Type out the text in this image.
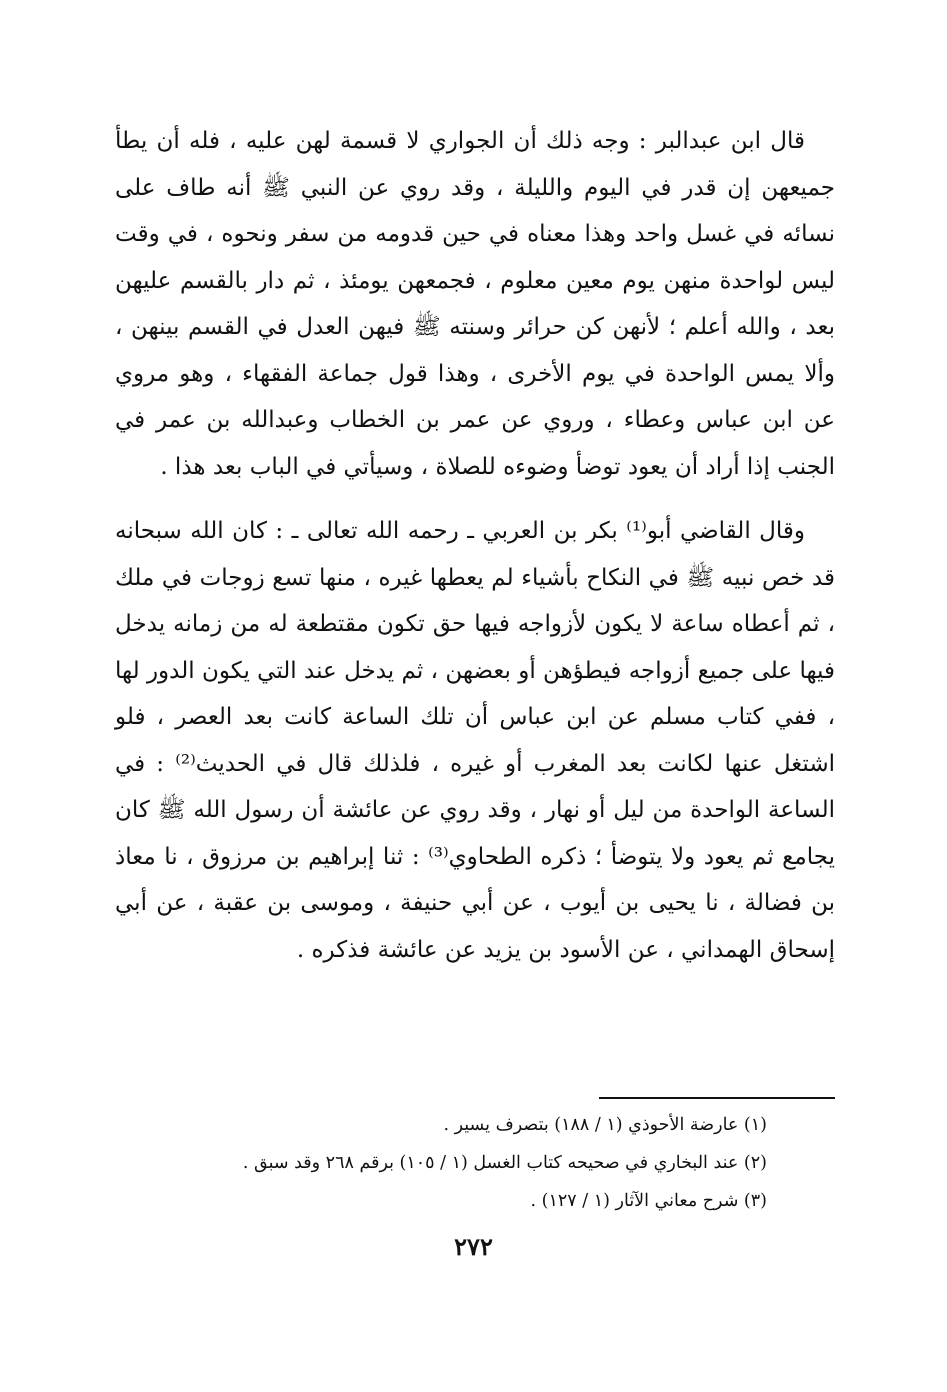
قال ابن عبدالبر : وجه ذلك أن الجواري لا قسمة لهن عليه ، فله أن يطأ جميعهن إن قدر في اليوم والليلة ، وقد روي عن النبي ﷺ أنه طاف على نسائه في غسل واحد وهذا معناه في حين قدومه من سفر ونحوه ، في وقت ليس لواحدة منهن يوم معين معلوم ، فجمعهن يومئذ ، ثم دار بالقسم عليهن بعد ، والله أعلم ؛ لأنهن كن حرائر وسنته ﷺ فيهن العدل في القسم بينهن ، وألا يمس الواحدة في يوم الأخرى ، وهذا قول جماعة الفقهاء ، وهو مروي عن ابن عباس وعطاء ، وروي عن عمر بن الخطاب وعبدالله بن عمر في الجنب إذا أراد أن يعود توضأ وضوءه للصلاة ، وسيأتي في الباب بعد هذا .

وقال القاضي أبو⁽¹⁾ بكر بن العربي ـ رحمه الله تعالى ـ : كان الله سبحانه قد خص نبيه ﷺ في النكاح بأشياء لم يعطها غيره ، منها تسع زوجات في ملك ، ثم أعطاه ساعة لا يكون لأزواجه فيها حق تكون مقتطعة له من زمانه يدخل فيها على جميع أزواجه فيطؤهن أو بعضهن ، ثم يدخل عند التي يكون الدور لها ، ففي كتاب مسلم عن ابن عباس أن تلك الساعة كانت بعد العصر ، فلو اشتغل عنها لكانت بعد المغرب أو غيره ، فلذلك قال في الحديث⁽²⁾ : في الساعة الواحدة من ليل أو نهار ، وقد روي عن عائشة أن رسول الله ﷺ كان يجامع ثم يعود ولا يتوضأ ؛ ذكره الطحاوي⁽³⁾ : ثنا إبراهيم بن مرزوق ، نا معاذ بن فضالة ، نا يحيى بن أيوب ، عن أبي حنيفة ، وموسى بن عقبة ، عن أبي إسحاق الهمداني ، عن الأسود بن يزيد عن عائشة فذكره .

(١) عارضة الأحوذي (١ / ١٨٨) بتصرف يسير .

(٢) عند البخاري في صحيحه كتاب الغسل (١ / ١٠٥) برقم ٢٦٨ وقد سبق .

(٣) شرح معاني الآثار (١ / ١٢٧) .

٢٧٢
